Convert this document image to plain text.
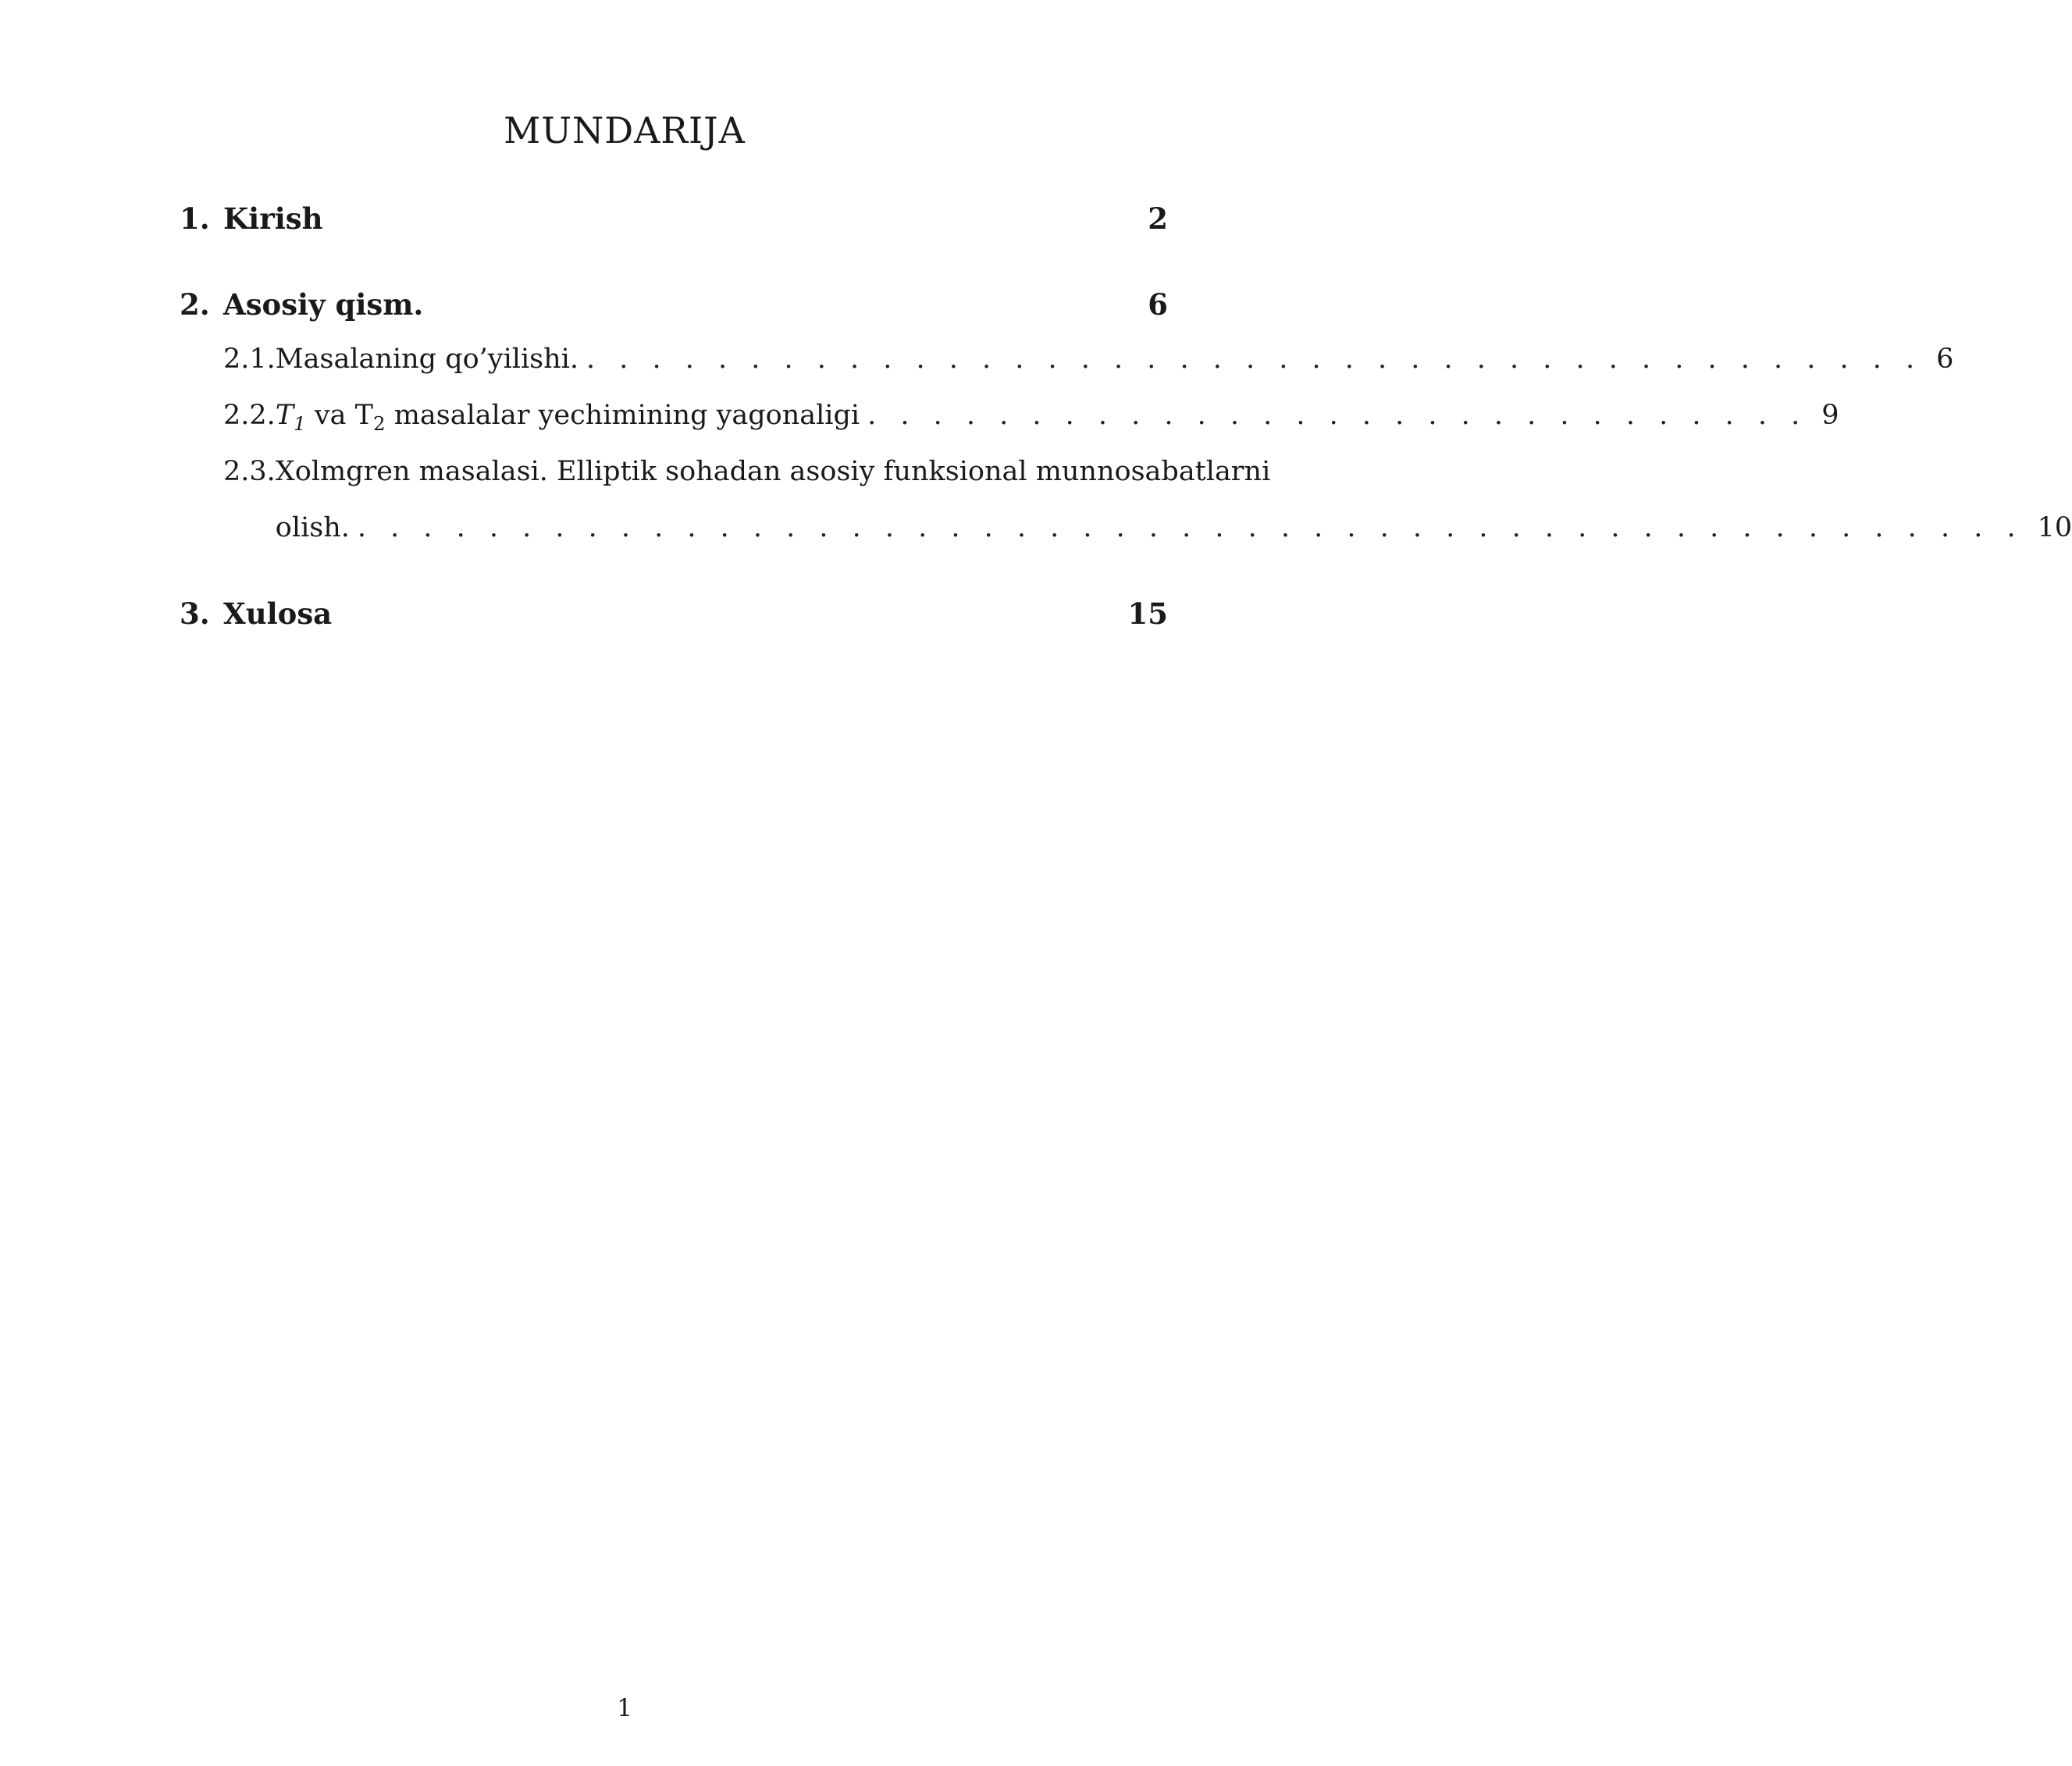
MUNDARIJA
1. Kirish	2
2. Asosiy qism.	6
2.1. Masalaning qo’yilishi. . . . . . . . . . . . . . . . . . . . . . . . . . . . . . . . . . . . . . . . . . 6
2.2. $T_1$ va $T_2$ masalalar yechimining yagonaligi . . . . . . . . . . . . . . . . . . . . . . . . . . . . . 9
2.3. Xolmgren masalasi. Elliptik sohadan asosiy funksional munnosabatlarni
olish. . . . . . . . . . . . . . . . . . . . . . . . . . . . . . . . . . . . . . . . . . . . . . . . . . . . 10
3. Xulosa	15
1
